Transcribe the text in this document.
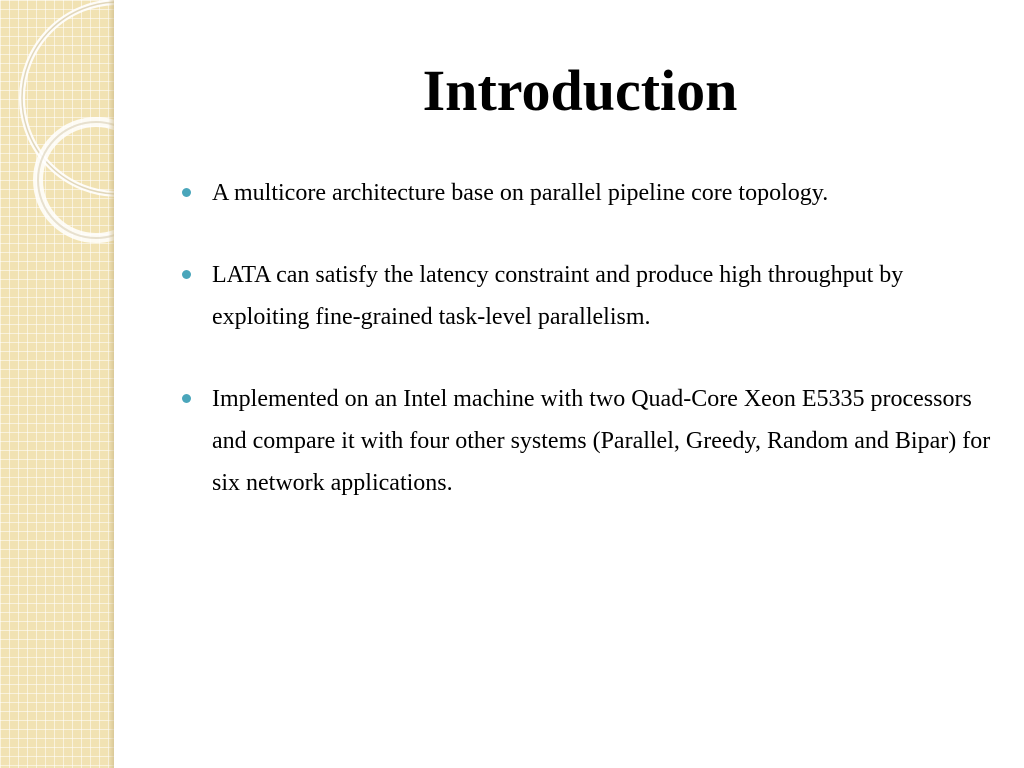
Introduction
A multicore architecture base on parallel pipeline core topology.
LATA can satisfy the latency constraint and produce high throughput by exploiting fine-grained task-level parallelism.
Implemented on an Intel machine with two Quad-Core Xeon E5335 processors and compare it with four other systems (Parallel, Greedy, Random and Bipar) for six network applications.
